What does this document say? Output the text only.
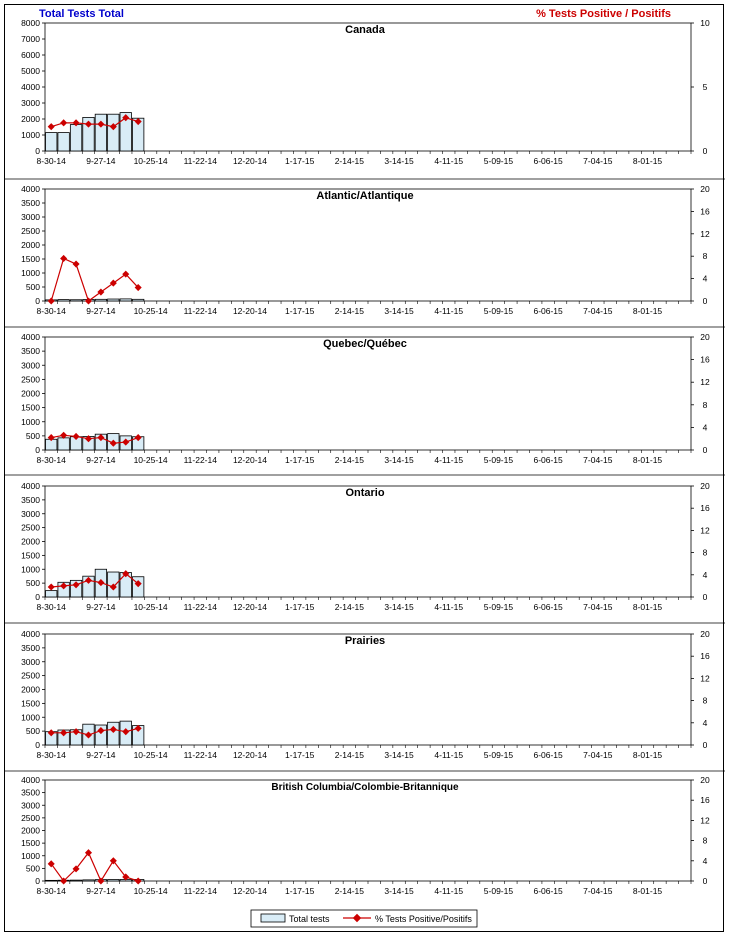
Total Tests Total	% Tests Positive / Positifs
Canada
0
1000
2000
3000
4000
5000
6000
7000
8000
0
5
10
8-30-14 9-27-14 10-25-14 11-22-14 12-20-14 1-17-15 2-14-15 3-14-15 4-11-15 5-09-15 6-06-15 7-04-15 8-01-15
Atlantic/Atlantique
0
500
1000
1500
2000
2500
3000
3500
4000
0
4
8
12
16
20
8-30-14 9-27-14 10-25-14 11-22-14 12-20-14 1-17-15 2-14-15 3-14-15 4-11-15 5-09-15 6-06-15 7-04-15 8-01-15
Quebec/Québec
0
500
1000
1500
2000
2500
3000
3500
4000
0
4
8
12
16
20
8-30-14 9-27-14 10-25-14 11-22-14 12-20-14 1-17-15 2-14-15 3-14-15 4-11-15 5-09-15 6-06-15 7-04-15 8-01-15
Ontario
0
500
1000
1500
2000
2500
3000
3500
4000
0
4
8
12
16
20
8-30-14 9-27-14 10-25-14 11-22-14 12-20-14 1-17-15 2-14-15 3-14-15 4-11-15 5-09-15 6-06-15 7-04-15 8-01-15
Prairies
0
500
1000
1500
2000
2500
3000
3500
4000
0
4
8
12
16
20
8-30-14 9-27-14 10-25-14 11-22-14 12-20-14 1-17-15 2-14-15 3-14-15 4-11-15 5-09-15 6-06-15 7-04-15 8-01-15
British Columbia/Colombie-Britannique
0
500
1000
1500
2000
2500
3000
3500
4000
0
4
8
12
16
20
8-30-14 9-27-14 10-25-14 11-22-14 12-20-14 1-17-15 2-14-15 3-14-15 4-11-15 5-09-15 6-06-15 7-04-15 8-01-15
Total tests	% Tests Positive/Positifs
